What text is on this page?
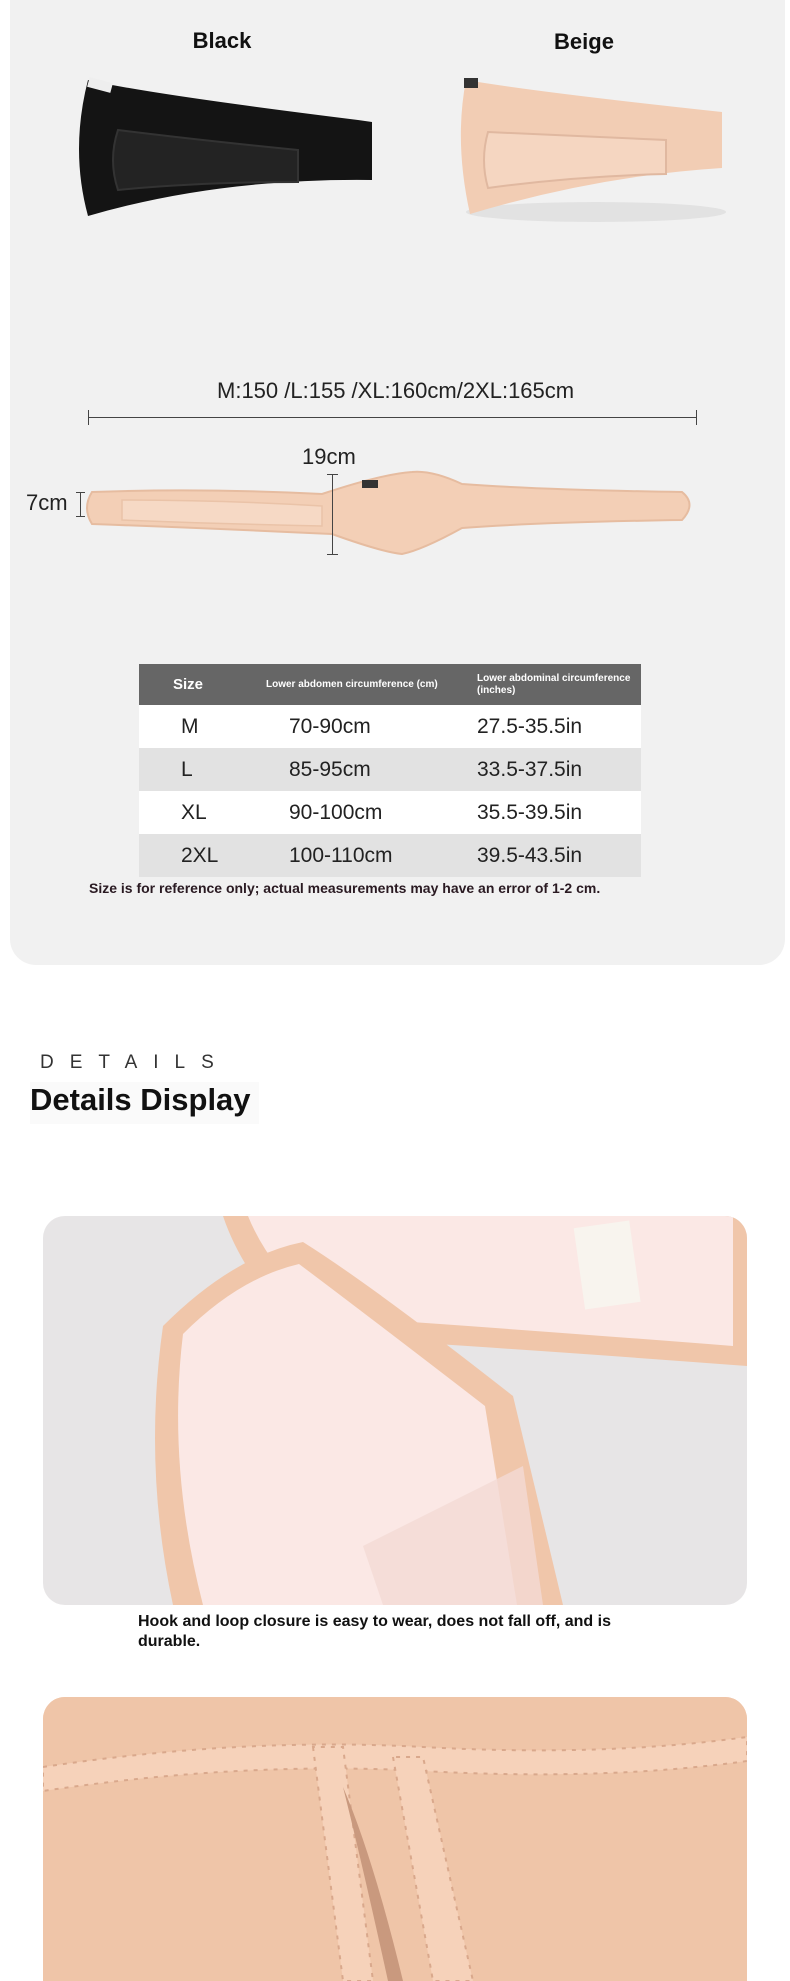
Black	Beige
M:150 /L:155 /XL:160cm/2XL:165cm
19cm
7cm
Size	Lower abdomen circumference (cm)	Lower abdominal circumference (inches)
M	70-90cm	27.5-35.5in
L	85-95cm	33.5-37.5in
XL	90-100cm	35.5-39.5in
2XL	100-110cm	39.5-43.5in
Size is for reference only; actual measurements may have an error of 1-2 cm.
DETAILS
Details Display
Hook and loop closure is easy to wear, does not fall off, and is durable.
